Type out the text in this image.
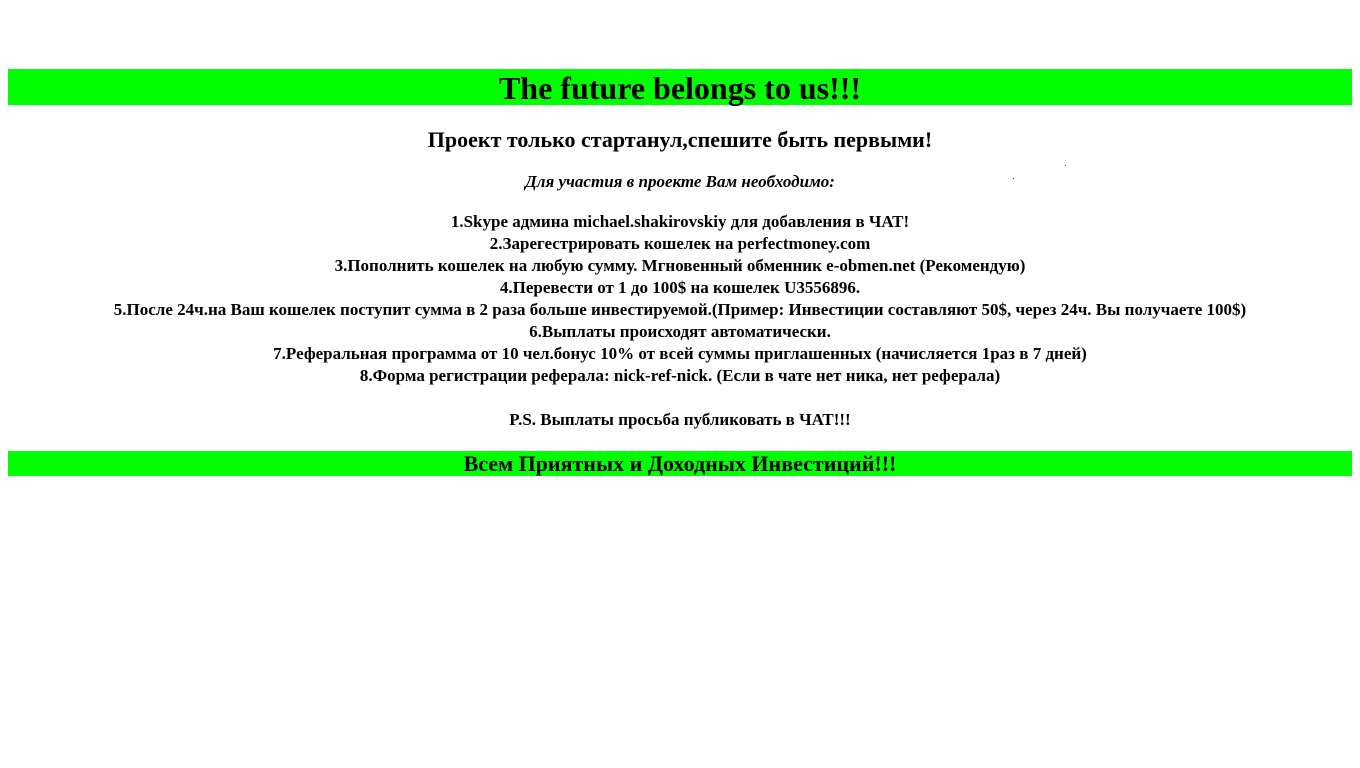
The future belongs to us!!!
Проект только стартанул,спешите быть первыми!
Для участия в проекте Вам необходимо:
1.Skype админа michael.shakirovskiy для добавления в ЧАТ!
2.Зарегестрировать кошелек на perfectmoney.com
3.Пополнить кошелек на любую сумму. Мгновенный обменник e-obmen.net (Рекомендую)
4.Перевести от 1 до 100$ на кошелек U3556896.
5.После 24ч.на Ваш кошелек поступит сумма в 2 раза больше инвестируемой.(Пример: Инвестиции составляют 50$, через 24ч. Вы получаете 100$)
6.Выплаты происходят автоматически.
7.Реферальная программа от 10 чел.бонус 10% от всей суммы приглашенных (начисляется 1раз в 7 дней)
8.Форма регистрации реферала: nick-ref-nick. (Если в чате нет ника, нет реферала)
P.S. Выплаты просьба публиковать в ЧАТ!!!
Всем Приятных и Доходных Инвестиций!!!
